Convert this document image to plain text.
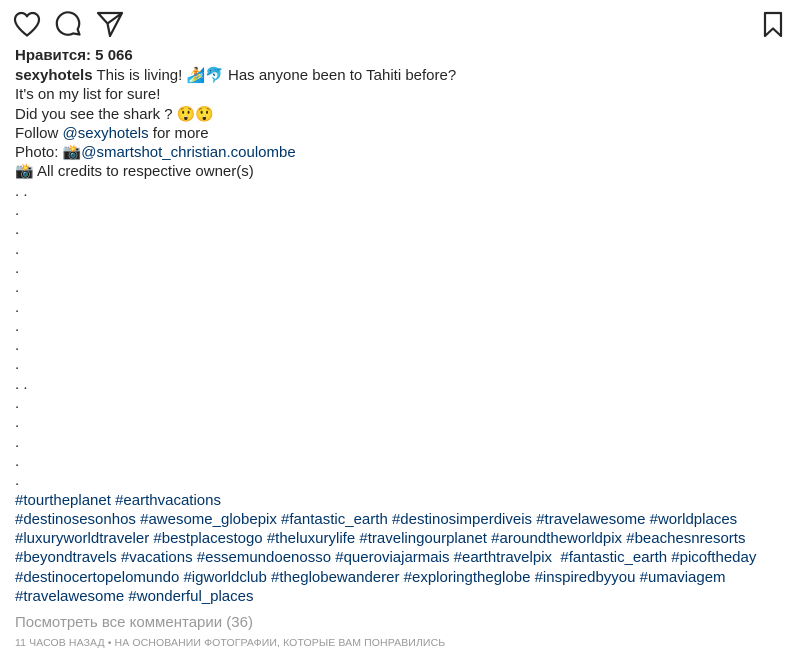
Нравится: 5 066
sexyhotels This is living! 🏄🐬 Has anyone been to Tahiti before?
It's on my list for sure!
Did you see the shark ? 😲😲
Follow @sexyhotels for more
Photo: 📸@smartshot_christian.coulombe
📸 All credits to respective owner(s)
. .
.
.
.
.
.
.
.
.
.
. .
.
.
.
.
.
#tourtheplanet #earthvacations
#destinosesonhos #awesome_globepix #fantastic_earth #destinosimperdiveis #travelawesome #worldplaces
#luxuryworldtraveler #bestplacestogo #theluxurylife #travelingourplanet #aroundtheworldpix #beachesnresorts
#beyondtravels #vacations #essemundoenosso #queroviajarmais #earthtravelpix  #fantastic_earth #picoftheday
#destinocertopelomundo #igworldclub #theglobewanderer #exploringtheglobe #inspiredbyyou #umaviagem
#travelawesome #wonderful_places
Посмотреть все комментарии (36)
11 ЧАСОВ НАЗАД • НА ОСНОВАНИИ ФОТОГРАФИИ, КОТОРЫЕ ВАМ ПОНРАВИЛИСЬ
